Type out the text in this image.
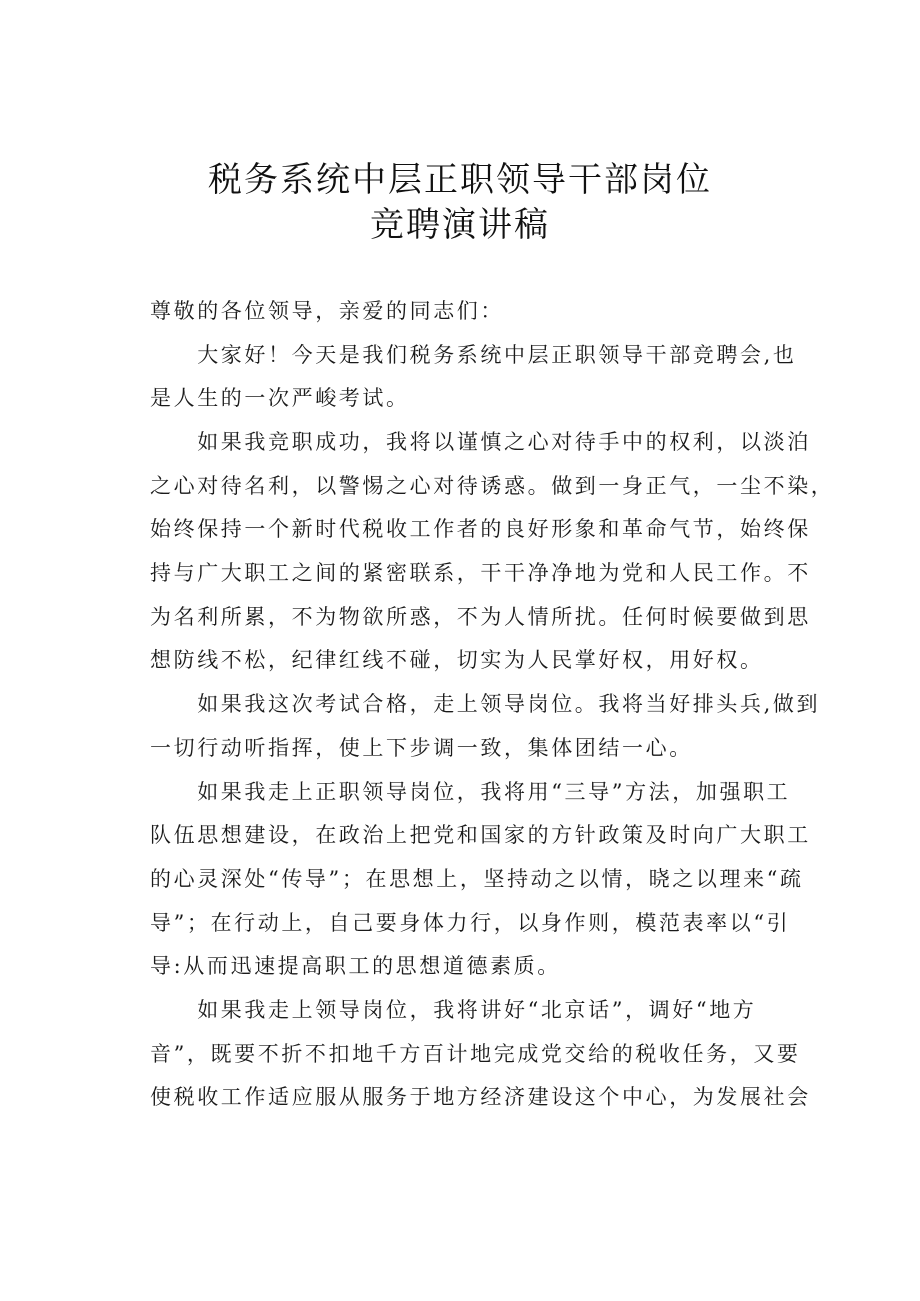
税务系统中层正职领导干部岗位
竞聘演讲稿
尊敬的各位领导，亲爱的同志们：
　　大家好！今天是我们税务系统中层正职领导干部竞聘会,也
是人生的一次严峻考试。
　　如果我竞职成功，我将以谨慎之心对待手中的权利，以淡泊
之心对待名利，以警惕之心对待诱惑。做到一身正气，一尘不染，
始终保持一个新时代税收工作者的良好形象和革命气节，始终保
持与广大职工之间的紧密联系，干干净净地为党和人民工作。不
为名利所累，不为物欲所惑，不为人情所扰。任何时候要做到思
想防线不松，纪律红线不碰，切实为人民掌好权，用好权。
　　如果我这次考试合格，走上领导岗位。我将当好排头兵,做到
一切行动听指挥，使上下步调一致，集体团结一心。
　　如果我走上正职领导岗位，我将用“三导”方法，加强职工
队伍思想建设，在政治上把党和国家的方针政策及时向广大职工
的心灵深处“传导”；在思想上，坚持动之以情，晓之以理来“疏
导”；在行动上，自己要身体力行，以身作则，模范表率以“引
导:从而迅速提高职工的思想道德素质。
　　如果我走上领导岗位，我将讲好“北京话”，调好“地方
音”，既要不折不扣地千方百计地完成党交给的税收任务，又要
使税收工作适应服从服务于地方经济建设这个中心，为发展社会
